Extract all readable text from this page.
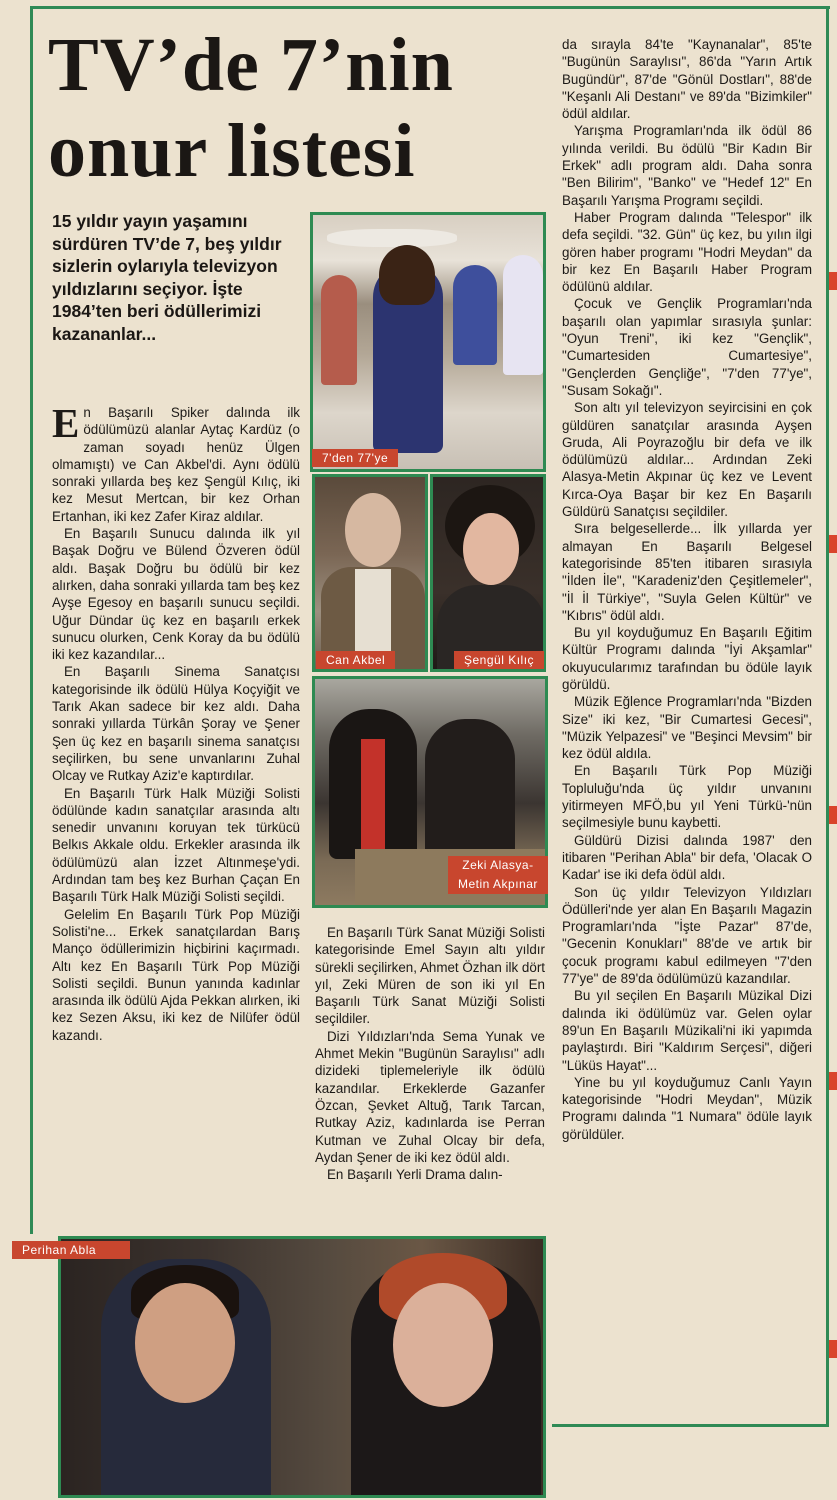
TV’de 7’nin
onur listesi

15 yıldır yayın yaşamını sürdüren TV’de 7, beş yıldır sizlerin oylarıyla televizyon yıldızlarını seçiyor. İşte 1984’ten beri ödüllerimizi kazananlar...

En Başarılı Spiker dalında ilk ödülümüzü alanlar Aytaç Kardüz (o zaman soyadı henüz Ülgen olmamıştı) ve Can Akbel'di. Aynı ödülü sonraki yıllarda beş kez Şengül Kılıç, iki kez Mesut Mertcan, bir kez Orhan Ertanhan, iki kez Zafer Kiraz aldılar.

En Başarılı Sunucu dalında ilk yıl Başak Doğru ve Bülend Özveren ödül aldı. Başak Doğru bu ödülü bir kez alırken, daha sonraki yıllarda tam beş kez Ayşe Egesoy en başarılı sunucu seçildi. Uğur Dündar üç kez en başarılı erkek sunucu olurken, Cenk Koray da bu ödülü iki kez kazandılar...

En Başarılı Sinema Sanatçısı kategorisinde ilk ödülü Hülya Koçyiğit ve Tarık Akan sadece bir kez aldı. Daha sonraki yıllarda Türkân Şoray ve Şener Şen üç kez en başarılı sinema sanatçısı seçilirken, bu sene unvanlarını Zuhal Olcay ve Rutkay Aziz'e kaptırdılar.

En Başarılı Türk Halk Müziği Solisti ödülünde kadın sanatçılar arasında altı senedir unvanını koruyan tek türkücü Belkıs Akkale oldu. Erkekler arasında ilk ödülümüzü alan İzzet Altınmeşe'ydi. Ardından tam beş kez Burhan Çaçan En Başarılı Türk Halk Müziği Solisti seçildi.

Gelelim En Başarılı Türk Pop Müziği Solisti'ne... Erkek sanatçılardan Barış Manço ödüllerimizin hiçbirini kaçırmadı. Altı kez En Başarılı Türk Pop Müziği Solisti seçildi. Bunun yanında kadınlar arasında ilk ödülü Ajda Pekkan alırken, iki kez Sezen Aksu, iki kez de Nilüfer ödül kazandı.

7'den 77'ye
Can Akbel	Şengül Kılıç
Zeki Alasya-
Metin Akpınar

En Başarılı Türk Sanat Müziği Solisti kategorisinde Emel Sayın altı yıldır sürekli seçilirken, Ahmet Özhan ilk dört yıl, Zeki Müren de son iki yıl En Başarılı Türk Sanat Müziği Solisti seçildiler.

Dizi Yıldızları'nda Sema Yunak ve Ahmet Mekin "Bugünün Saraylısı" adlı dizideki tiplemeleriyle ilk ödülü kazandılar. Erkeklerde Gazanfer Özcan, Şevket Altuğ, Tarık Tarcan, Rutkay Aziz, kadınlarda ise Perran Kutman ve Zuhal Olcay bir defa, Aydan Şener de iki kez ödül aldı.

En Başarılı Yerli Drama dalın-

da sırayla 84'te "Kaynanalar", 85'te "Bugünün Saraylısı", 86'da "Yarın Artık Bugündür", 87'de "Gönül Dostları", 88'de "Keşanlı Ali Destanı" ve 89'da "Bizimkiler" ödül aldılar.

Yarışma Programları'nda ilk ödül 86 yılında verildi. Bu ödülü "Bir Kadın Bir Erkek" adlı program aldı. Daha sonra "Ben Bilirim", "Banko" ve "Hedef 12" En Başarılı Yarışma Programı seçildi.

Haber Program dalında "Telespor" ilk defa seçildi. "32. Gün" üç kez, bu yılın ilgi gören haber programı "Hodri Meydan" da bir kez En Başarılı Haber Program ödülünü aldılar.

Çocuk ve Gençlik Programları'nda başarılı olan yapımlar sırasıyla şunlar: "Oyun Treni", iki kez "Gençlik", "Cumartesiden Cumartesiye", "Gençlerden Gençliğe", "7'den 77'ye", "Susam Sokağı".

Son altı yıl televizyon seyircisini en çok güldüren sanatçılar arasında Ayşen Gruda, Ali Poyrazoğlu bir defa ve ilk ödülümüzü aldılar... Ardından Zeki Alasya-Metin Akpınar üç kez ve Levent Kırca-Oya Başar bir kez En Başarılı Güldürü Sanatçısı seçildiler.

Sıra belgesellerde... İlk yıllarda yer almayan En Başarılı Belgesel kategorisinde 85'ten itibaren sırasıyla "İlden İle", "Karadeniz'den Çeşitlemeler", "İl İl Türkiye", "Suyla Gelen Kültür" ve "Kıbrıs" ödül aldı.

Bu yıl koyduğumuz En Başarılı Eğitim Kültür Programı dalında "İyi Akşamlar" okuyucularımız tarafından bu ödüle layık görüldü.

Müzik Eğlence Programları'nda "Bizden Size" iki kez, "Bir Cumartesi Gecesi", "Müzik Yelpazesi" ve "Beşinci Mevsim" bir kez ödül aldıla.

En Başarılı Türk Pop Müziği Topluluğu'nda üç yıldır unvanını yitirmeyen MFÖ,bu yıl Yeni Türkü-'nün seçilmesiyle bunu kaybetti.

Güldürü Dizisi dalında 1987' den itibaren "Perihan Abla" bir defa, 'Olacak O Kadar' ise iki defa ödül aldı.

Son üç yıldır Televizyon Yıldızları Ödülleri'nde yer alan En Başarılı Magazin Programları'nda "İşte Pazar" 87'de, "Gecenin Konukları" 88'de ve artık bir çocuk programı kabul edilmeyen "7'den 77'ye" de 89'da ödülümüzü kazandılar.

Bu yıl seçilen En Başarılı Müzikal Dizi dalında iki ödülümüz var. Gelen oylar 89'un En Başarılı Müzikali'ni iki yapımda paylaştırdı. Biri "Kaldırım Serçesi", diğeri "Lüküs Hayat"...

Yine bu yıl koyduğumuz Canlı Yayın kategorisinde "Hodri Meydan", Müzik Programı dalında "1 Numara" ödüle layık görüldüler.

Perihan Abla
